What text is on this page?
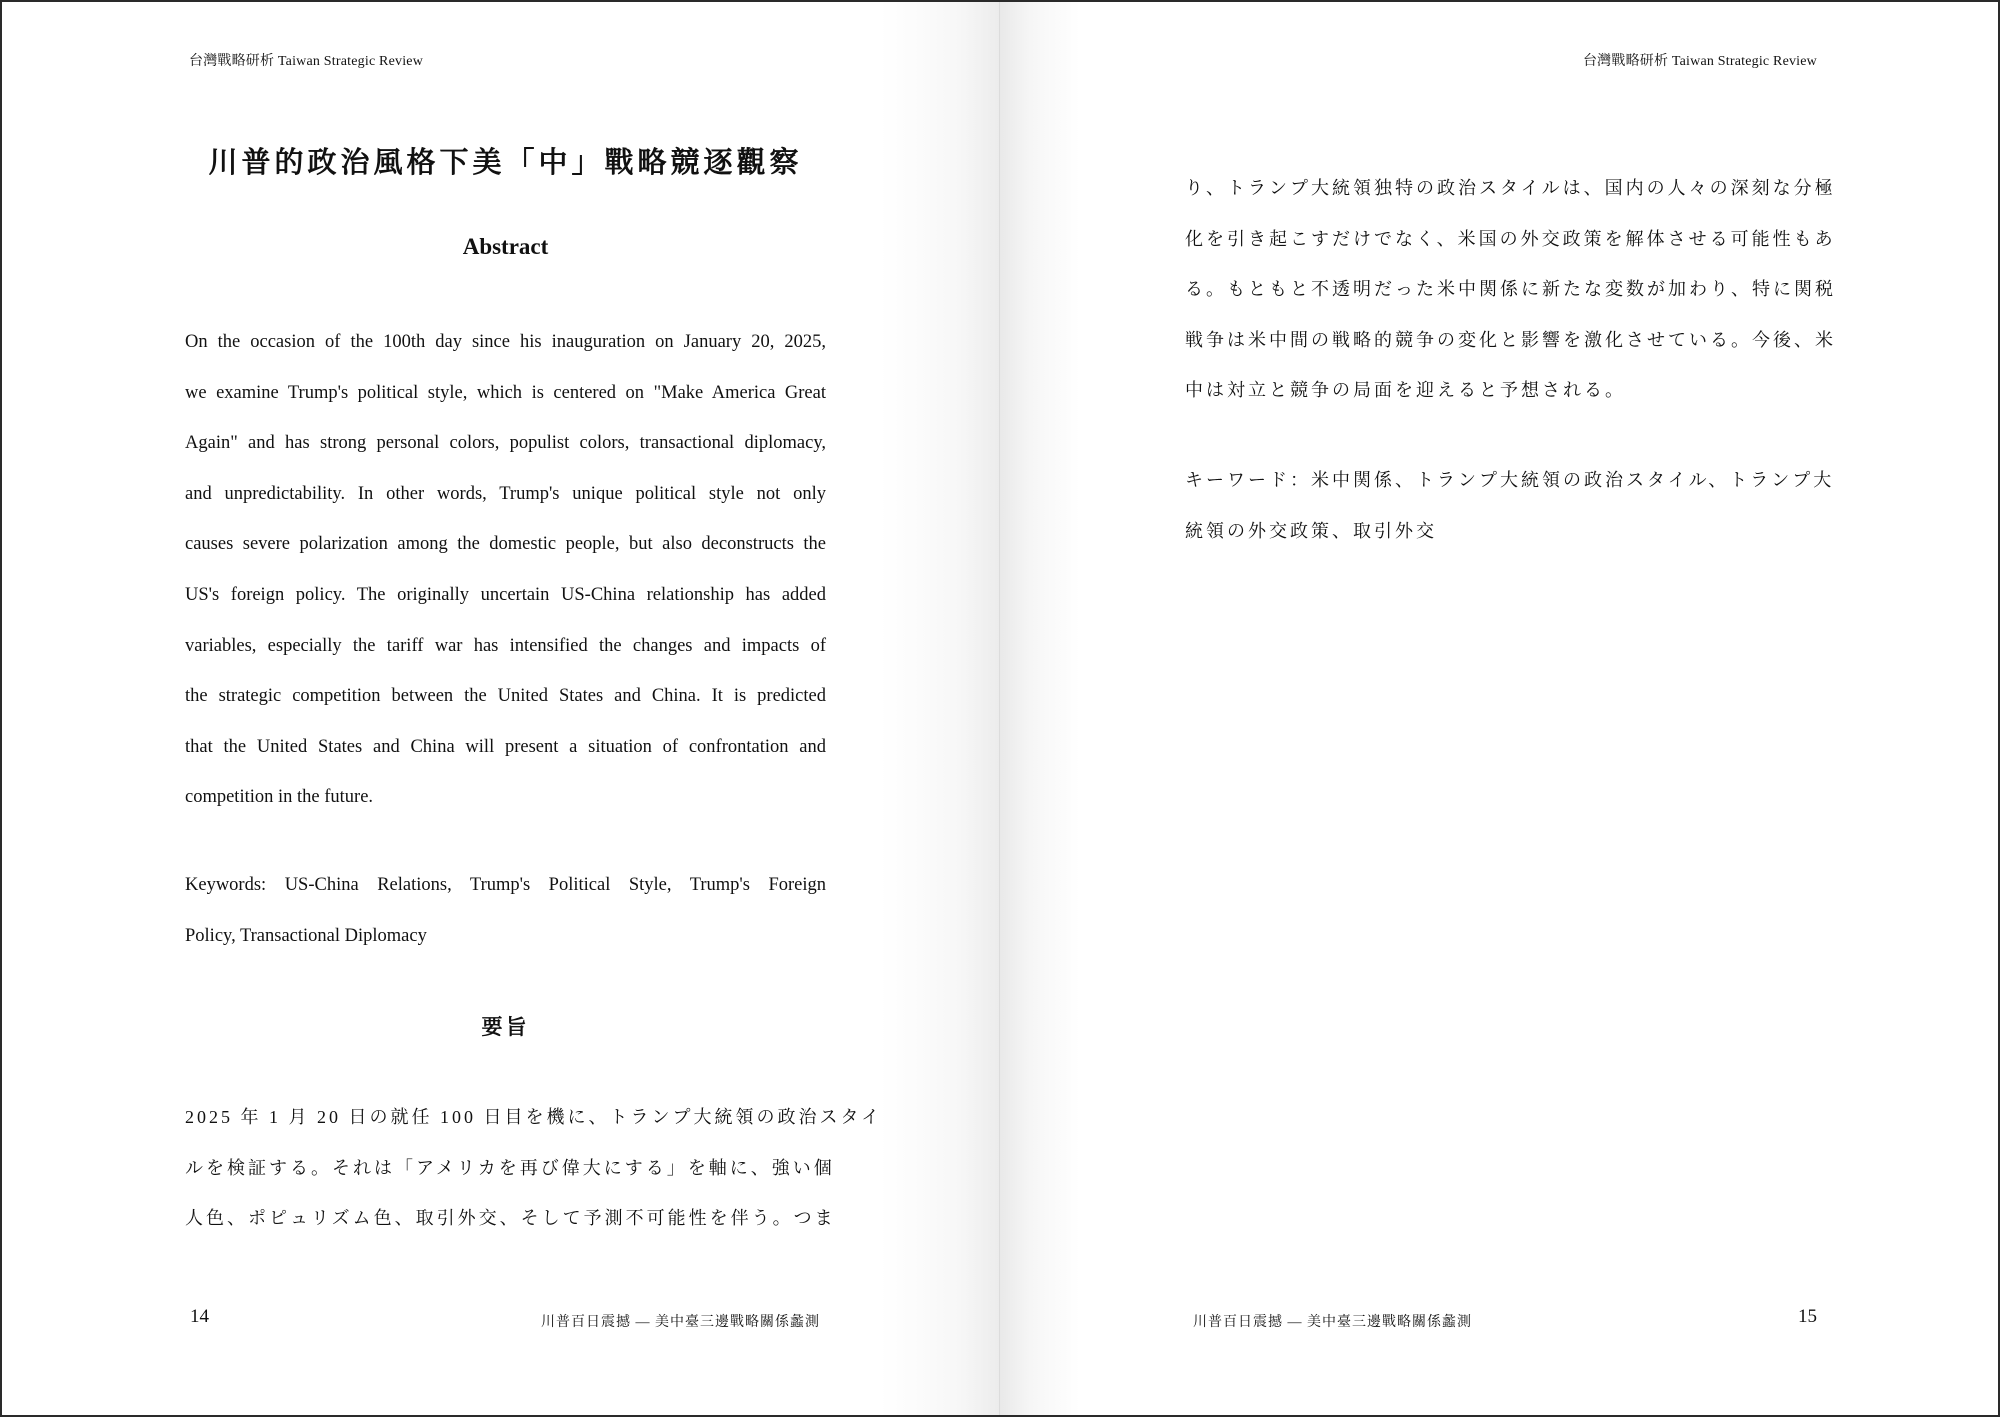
台灣戰略研析 Taiwan Strategic Review
川普的政治風格下美「中」戰略競逐觀察
Abstract
On the occasion of the 100th day since his inauguration on January 20, 2025,
we examine Trump's political style, which is centered on "Make America Great
Again" and has strong personal colors, populist colors, transactional diplomacy,
and unpredictability. In other words, Trump's unique political style not only
causes severe polarization among the domestic people, but also deconstructs the
US's foreign policy. The originally uncertain US-China relationship has added
variables, especially the tariff war has intensified the changes and impacts of
the strategic competition between the United States and China. It is predicted
that the United States and China will present a situation of confrontation and
competition in the future.
Keywords: US-China Relations, Trump's Political Style, Trump's Foreign
Policy, Transactional Diplomacy
要旨
2025 年 1 月 20 日の就任 100 日目を機に、トランプ大統領の政治スタイ
ルを検証する。それは「アメリカを再び偉大にする」を軸に、強い個
人色、ポピュリズム色、取引外交、そして予測不可能性を伴う。つま
14	川普百日震撼 — 美中臺三邊戰略關係蠡測
台灣戰略研析 Taiwan Strategic Review
り、トランプ大統領独特の政治スタイルは、国内の人々の深刻な分極
化を引き起こすだけでなく、米国の外交政策を解体させる可能性もあ
る。もともと不透明だった米中関係に新たな変数が加わり、特に関税
戦争は米中間の戦略的競争の変化と影響を激化させている。今後、米
中は対立と競争の局面を迎えると予想される。
キーワード：米中関係、トランプ大統領の政治スタイル、トランプ大
統領の外交政策、取引外交
川普百日震撼 — 美中臺三邊戰略關係蠡測	15
